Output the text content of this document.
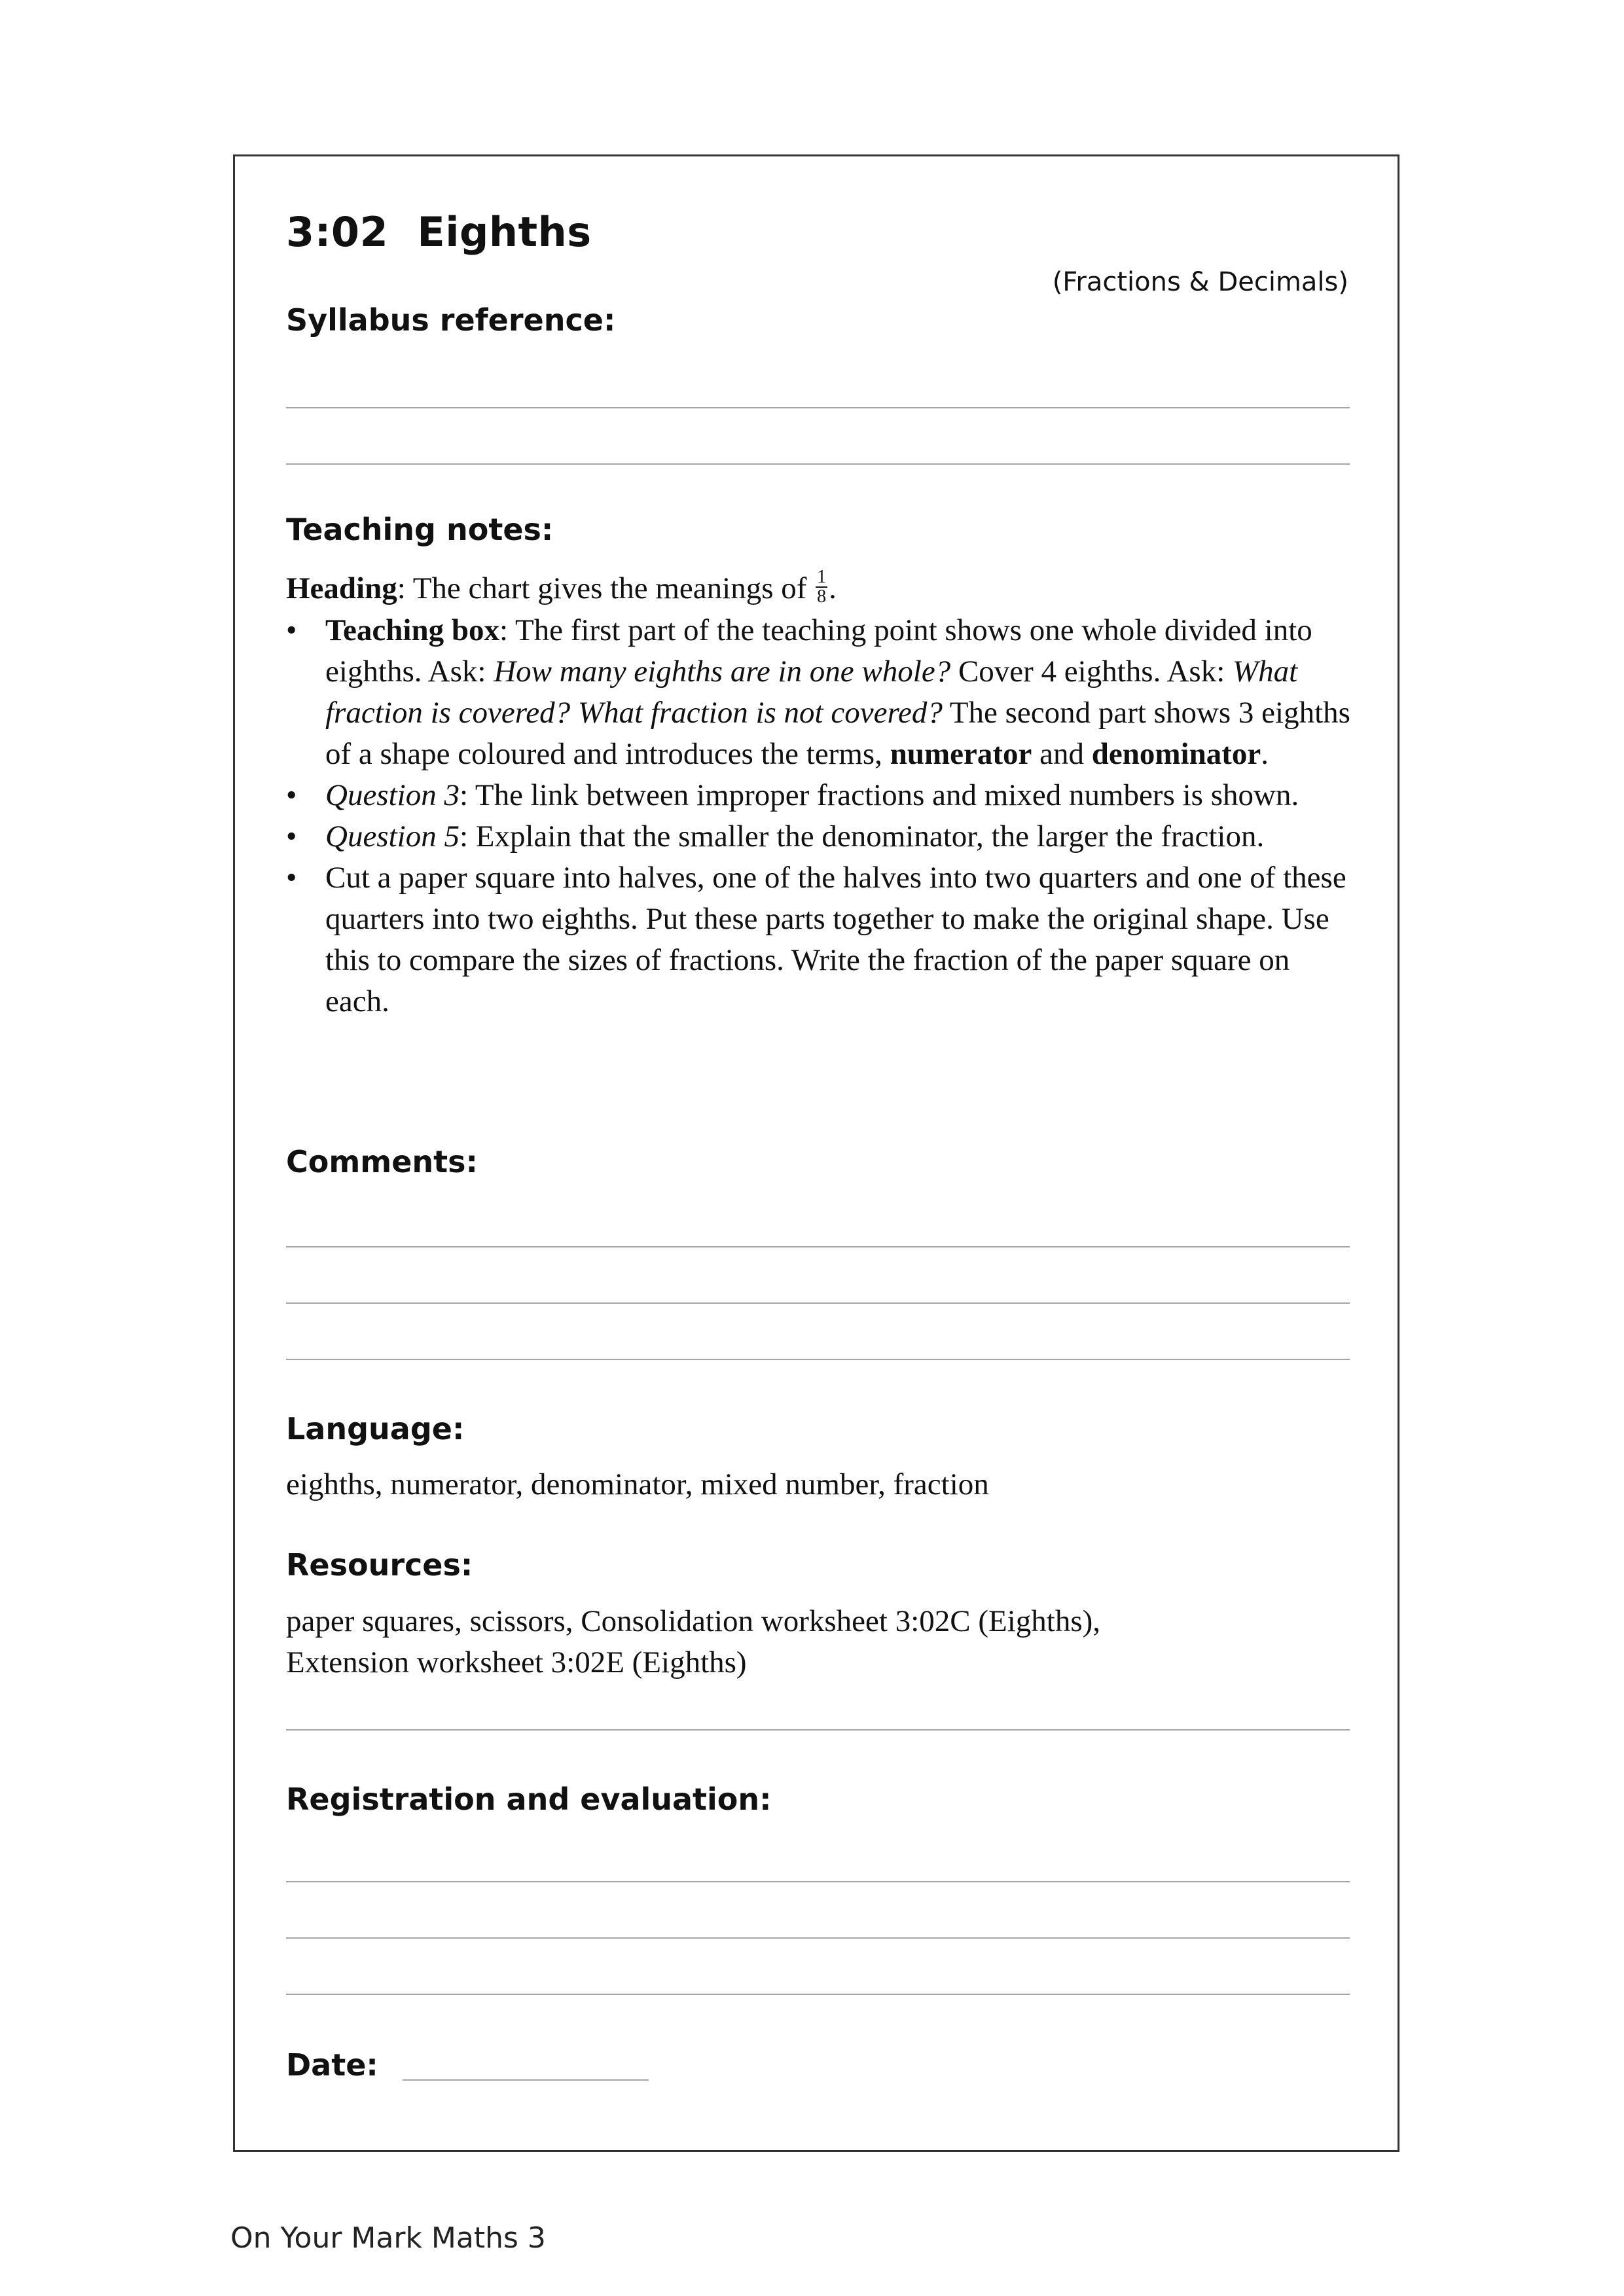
3:02 Eighths
(Fractions & Decimals)
Syllabus reference:
Teaching notes:
Heading: The chart gives the meanings of $\frac{1}{8}$ .
• Teaching box: The first part of the teaching point shows one whole divided into eighths. Ask: How many eighths are in one whole? Cover 4 eighths. Ask: What fraction is covered? What fraction is not covered? The second part shows 3 eighths of a shape coloured and introduces the terms, numerator and denominator.
• Question 3: The link between improper fractions and mixed numbers is shown.
• Question 5: Explain that the smaller the denominator, the larger the fraction.
• Cut a paper square into halves, one of the halves into two quarters and one of these quarters into two eighths. Put these parts together to make the original shape. Use this to compare the sizes of fractions. Write the fraction of the paper square on each.
Comments:
Language:
eighths, numerator, denominator, mixed number, fraction
Resources:
paper squares, scissors, Consolidation worksheet 3:02C (Eighths),
Extension worksheet 3:02E (Eighths)
Registration and evaluation:
Date:
On Your Mark Maths 3
